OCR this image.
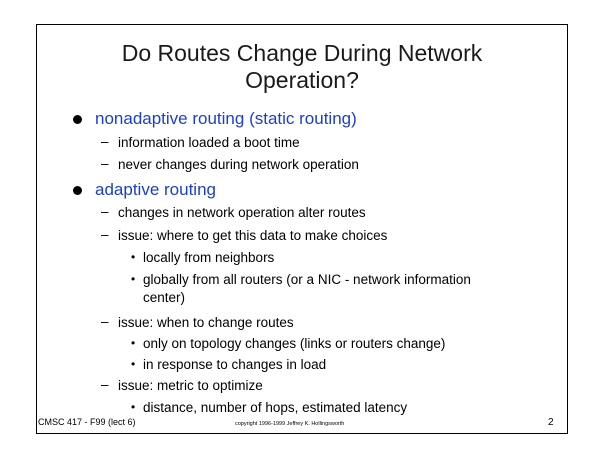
Do Routes Change During Network
Operation?
nonadaptive routing (static routing)
– information loaded a boot time
– never changes during network operation
adaptive routing
– changes in network operation alter routes
– issue: where to get this data to make choices
• locally from neighbors
• globally from all routers (or a NIC - network information
center)
– issue: when to change routes
• only on topology changes (links or routers change)
• in response to changes in load
– issue: metric to optimize
• distance, number of hops, estimated latency
CMSC 417 - F99 (lect 6)	copyright 1996-1999 Jeffrey K. Hollingsworth	2
